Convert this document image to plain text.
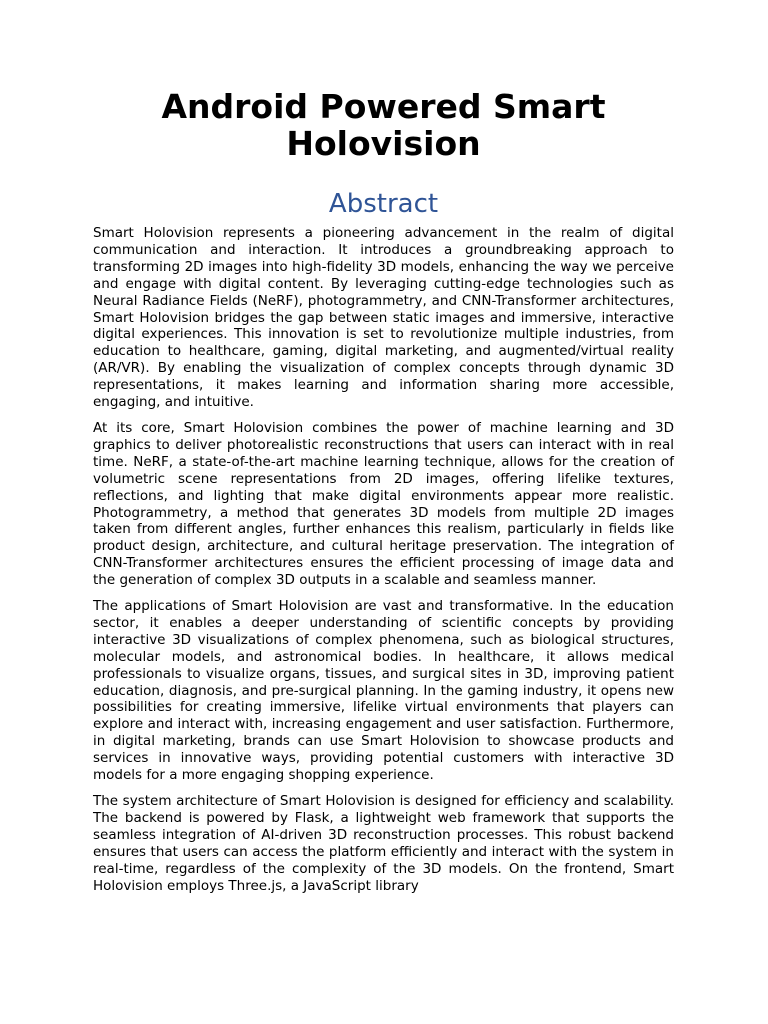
Android Powered Smart Holovision
Abstract

Smart Holovision represents a pioneering advancement in the realm of digital communication and interaction. It introduces a groundbreaking approach to transforming 2D images into high-fidelity 3D models, enhancing the way we perceive and engage with digital content. By leveraging cutting-edge technologies such as Neural Radiance Fields (NeRF), photogrammetry, and CNN-Transformer architectures, Smart Holovision bridges the gap between static images and immersive, interactive digital experiences. This innovation is set to revolutionize multiple industries, from education to healthcare, gaming, digital marketing, and augmented/virtual reality (AR/VR). By enabling the visualization of complex concepts through dynamic 3D representations, it makes learning and information sharing more accessible, engaging, and intuitive.

At its core, Smart Holovision combines the power of machine learning and 3D graphics to deliver photorealistic reconstructions that users can interact with in real time. NeRF, a state-of-the-art machine learning technique, allows for the creation of volumetric scene representations from 2D images, offering lifelike textures, reflections, and lighting that make digital environments appear more realistic. Photogrammetry, a method that generates 3D models from multiple 2D images taken from different angles, further enhances this realism, particularly in fields like product design, architecture, and cultural heritage preservation. The integration of CNN-Transformer architectures ensures the efficient processing of image data and the generation of complex 3D outputs in a scalable and seamless manner.

The applications of Smart Holovision are vast and transformative. In the education sector, it enables a deeper understanding of scientific concepts by providing interactive 3D visualizations of complex phenomena, such as biological structures, molecular models, and astronomical bodies. In healthcare, it allows medical professionals to visualize organs, tissues, and surgical sites in 3D, improving patient education, diagnosis, and pre-surgical planning. In the gaming industry, it opens new possibilities for creating immersive, lifelike virtual environments that players can explore and interact with, increasing engagement and user satisfaction. Furthermore, in digital marketing, brands can use Smart Holovision to showcase products and services in innovative ways, providing potential customers with interactive 3D models for a more engaging shopping experience.

The system architecture of Smart Holovision is designed for efficiency and scalability. The backend is powered by Flask, a lightweight web framework that supports the seamless integration of AI-driven 3D reconstruction processes. This robust backend ensures that users can access the platform efficiently and interact with the system in real-time, regardless of the complexity of the 3D models. On the frontend, Smart Holovision employs Three.js, a JavaScript library
